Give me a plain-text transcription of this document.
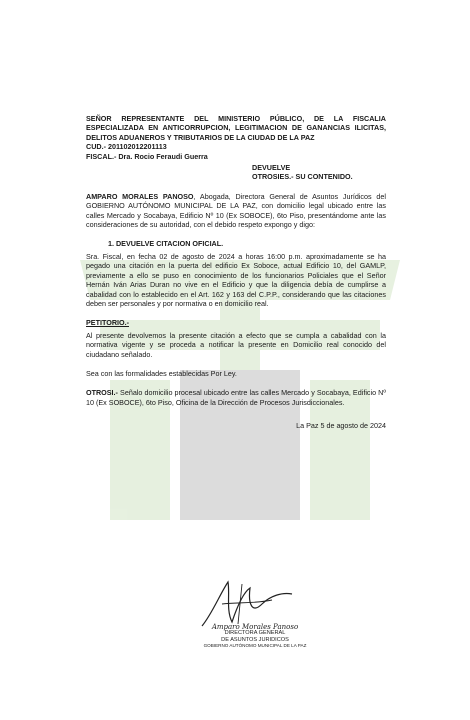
SEÑOR REPRESENTANTE DEL MINISTERIO PÚBLICO, DE LA FISCALIA ESPECIALIZADA EN ANTICORRUPCION, LEGITIMACION DE GANANCIAS ILICITAS, DELITOS ADUANEROS Y TRIBUTARIOS DE LA CIUDAD DE LA PAZ

CUD.- 201102012201113

FISCAL.- Dra. Rocio Feraudi Guerra

DEVUELVE

OTROSIES.- SU CONTENIDO.

AMPARO MORALES PANOSO, Abogada, Directora General de Asuntos Jurídicos del GOBIERNO AUTÓNOMO MUNICIPAL DE LA PAZ, con domicilio legal ubicado entre las calles Mercado y Socabaya, Edificio Nº 10 (Ex SOBOCE), 6to Piso, presentándome ante las consideraciones de su autoridad, con el debido respeto expongo y digo:

1. DEVUELVE CITACION OFICIAL.

Sra. Fiscal, en fecha 02 de agosto de 2024 a horas 16:00 p.m. aproximadamente se ha pegado una citación en la puerta del edificio Ex Soboce, actual Edificio 10, del GAMLP, previamente a ello se puso en conocimiento de los funcionarios Policiales que el Señor Hernán Iván Arias Duran no vive en el Edificio y que la diligencia debía de cumplirse a cabalidad con lo establecido en el Art. 162 y 163 del C.P.P., considerando que las citaciones deben ser personales y por normativa o en domicilio real.

PETITORIO.-

Al presente devolvemos la presente citación a efecto que se cumpla a cabalidad con la normativa vigente y se proceda a notificar la presente en Domicilio real conocido del ciudadano señalado.

Sea con las formalidades establecidas Por Ley.

OTROSI.- Señalo domicilio procesal ubicado entre las calles Mercado y Socabaya, Edificio Nº 10 (Ex SOBOCE), 6to Piso, Oficina de la Dirección de Procesos Jurisdiccionales.

La Paz 5 de agosto de 2024

Amparo Morales Panoso
DIRECTORA GENERAL
DE ASUNTOS JURIDICOS
GOBIERNO AUTÓNOMO MUNICIPAL DE LA PAZ
